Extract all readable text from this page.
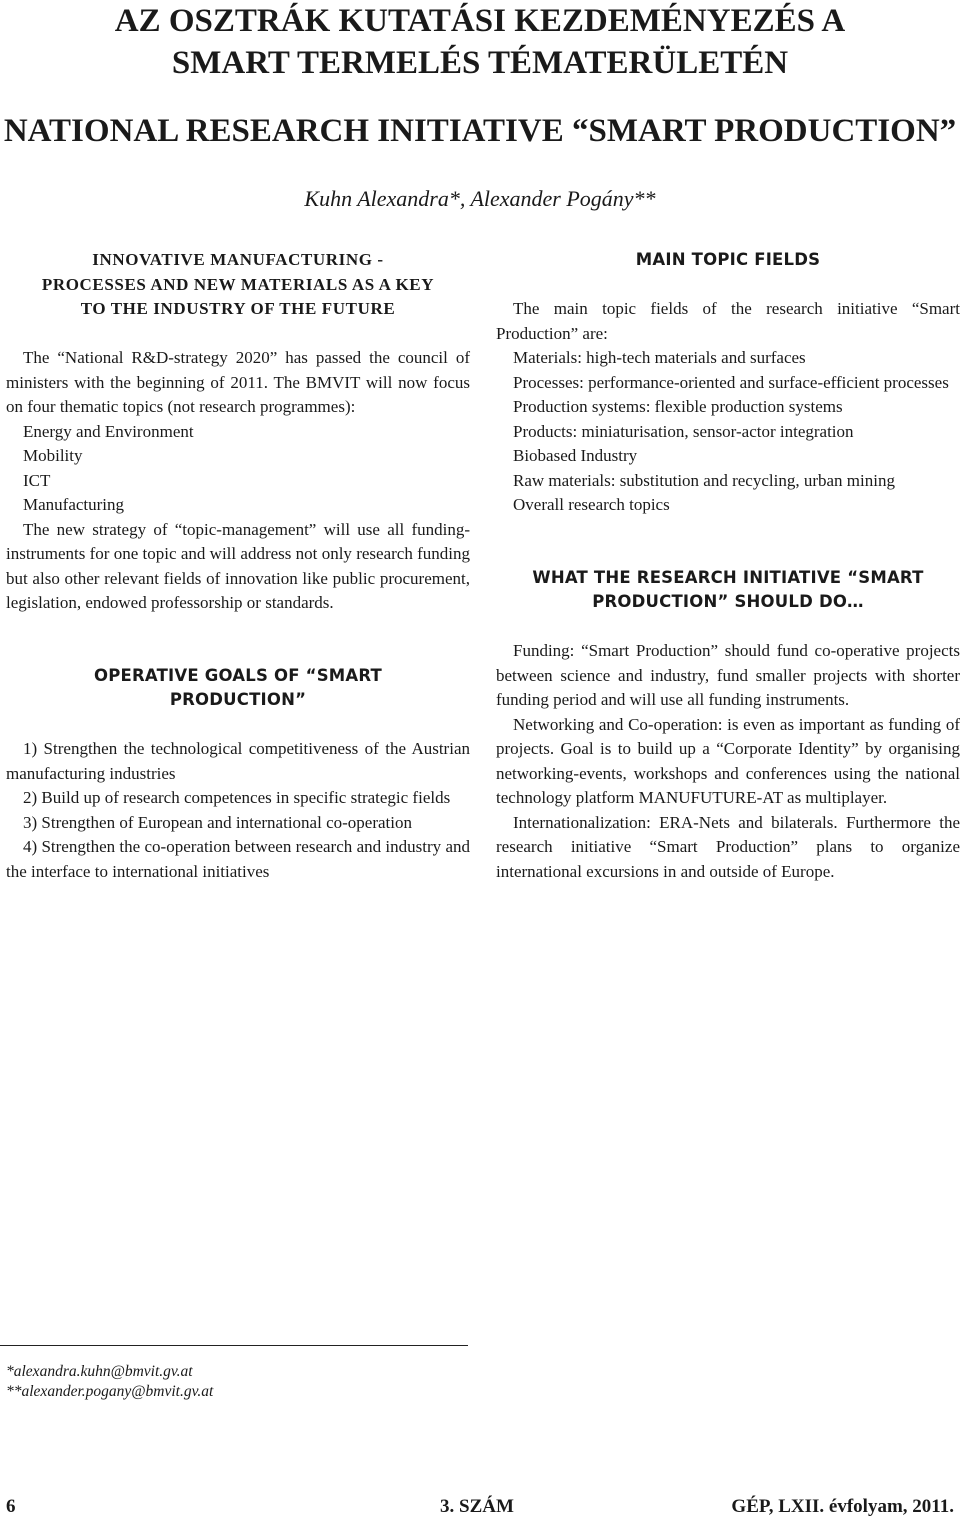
AZ OSZTRÁK KUTATÁSI KEZDEMÉNYEZÉS A
SMART TERMELÉS TÉMATERÜLETÉN
NATIONAL RESEARCH INITIATIVE “SMART PRODUCTION”
Kuhn Alexandra*, Alexander Pogány**
INNOVATIVE MANUFACTURING -
PROCESSES AND NEW MATERIALS AS A KEY
TO THE INDUSTRY OF THE FUTURE

The “National R&D-strategy 2020” has passed the council of ministers with the beginning of 2011. The BMVIT will now focus on four thematic topics (not research programmes):

Energy and Environment
Mobility
ICT
Manufacturing

The new strategy of “topic-management” will use all funding-instruments for one topic and will address not only research funding but also other relevant fields of innovation like public procurement, legislation, endowed professorship or standards.

OPERATIVE GOALS OF “SMART
PRODUCTION”

1) Strengthen the technological competitiveness of the Austrian manufacturing industries

2) Build up of research competences in specific strategic fields

3) Strengthen of European and international co-operation

4) Strengthen the co-operation between research and industry and the interface to international initiatives

MAIN TOPIC FIELDS

The main topic fields of the research initiative “Smart Production” are:

Materials: high-tech materials and surfaces

Processes: performance-oriented and surface-efficient processes

Production systems: flexible production systems

Products: miniaturisation, sensor-actor integration

Biobased Industry

Raw materials: substitution and recycling, urban mining

Overall research topics

WHAT THE RESEARCH INITIATIVE “SMART
PRODUCTION” SHOULD DO…

Funding: “Smart Production” should fund co-operative projects between science and industry, fund smaller projects with shorter funding period and will use all funding instruments.

Networking and Co-operation: is even as important as funding of projects. Goal is to build up a “Corporate Identity” by organising networking-events, workshops and conferences using the national technology platform MANUFUTURE-AT as multiplayer.

Internationalization: ERA-Nets and bilaterals. Furthermore the research initiative “Smart Production” plans to organize international excursions in and outside of Europe.

*alexandra.kuhn@bmvit.gv.at
**alexander.pogany@bmvit.gv.at
6	3. SZÁM	GÉP, LXII. évfolyam, 2011.
